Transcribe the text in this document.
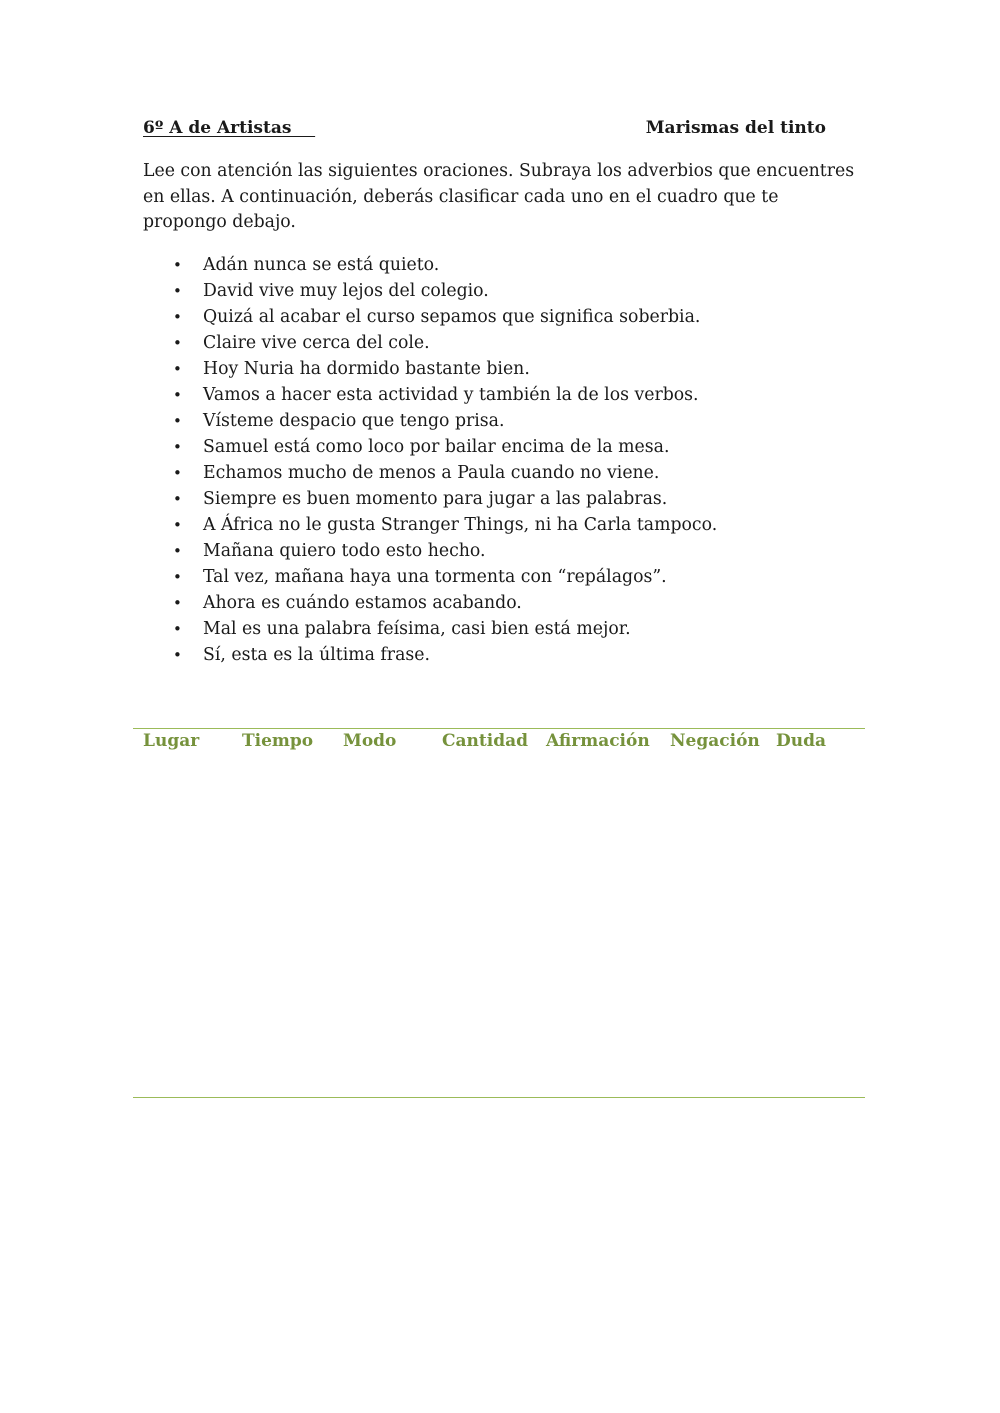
6º A de Artistas	Marismas del tinto
Lee con atención las siguientes oraciones. Subraya los adverbios que encuentres en ellas. A continuación, deberás clasificar cada uno en el cuadro que te propongo debajo.
• Adán nunca se está quieto.
• David vive muy lejos del colegio.
• Quizá al acabar el curso sepamos que significa soberbia.
• Claire vive cerca del cole.
• Hoy Nuria ha dormido bastante bien.
• Vamos a hacer esta actividad y también la de los verbos.
• Vísteme despacio que tengo prisa.
• Samuel está como loco por bailar encima de la mesa.
• Echamos mucho de menos a Paula cuando no viene.
• Siempre es buen momento para jugar a las palabras.
• A África no le gusta Stranger Things, ni ha Carla tampoco.
• Mañana quiero todo esto hecho.
• Tal vez, mañana haya una tormenta con “repálagos”.
• Ahora es cuándo estamos acabando.
• Mal es una palabra feísima, casi bien está mejor.
• Sí, esta es la última frase.
Lugar	Tiempo Modo	Cantidad Afirmación Negación Duda
